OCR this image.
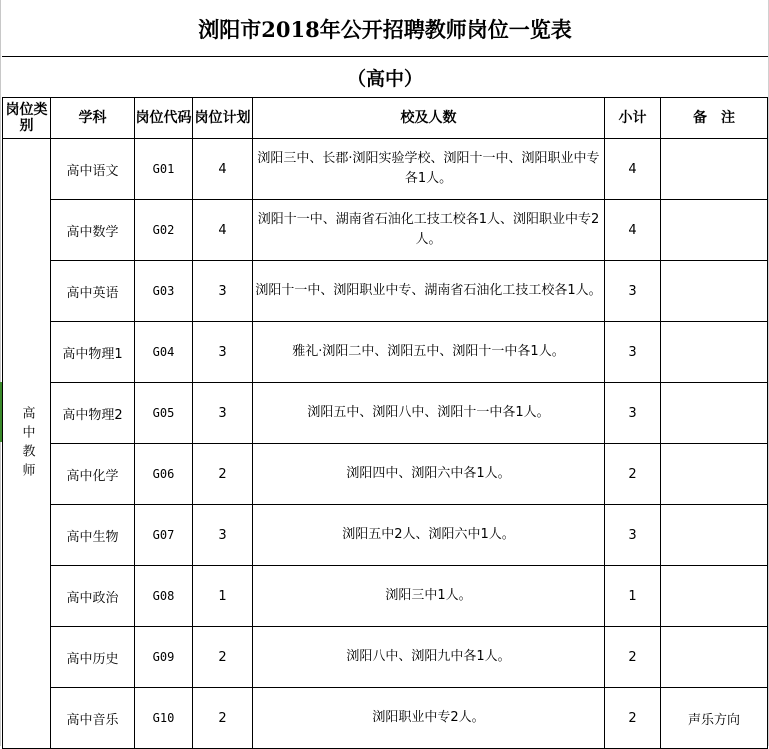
浏阳市2018年公开招聘教师岗位一览表						
（高中）						
岗位类别	学科	岗位代码	岗位计划	校及人数	小计	备　注

高中教师	高中语文	G01	4	浏阳三中、长郡·浏阳实验学校、浏阳十一中、浏阳职业中专各1人。	4	
	高中数学	G02	4	浏阳十一中、湖南省石油化工技工校各1人、浏阳职业中专2人。	4	
	高中英语	G03	3	浏阳十一中、浏阳职业中专、湖南省石油化工技工校各1人。	3	
	高中物理1	G04	3	雅礼·浏阳二中、浏阳五中、浏阳十一中各1人。	3	
	高中物理2	G05	3	浏阳五中、浏阳八中、浏阳十一中各1人。	3	
	高中化学	G06	2	浏阳四中、浏阳六中各1人。	2	
	高中生物	G07	3	浏阳五中2人、浏阳六中1人。	3	
	高中政治	G08	1	浏阳三中1人。	1	
	高中历史	G09	2	浏阳八中、浏阳九中各1人。	2	
	高中音乐	G10	2	浏阳职业中专2人。	2	声乐方向
